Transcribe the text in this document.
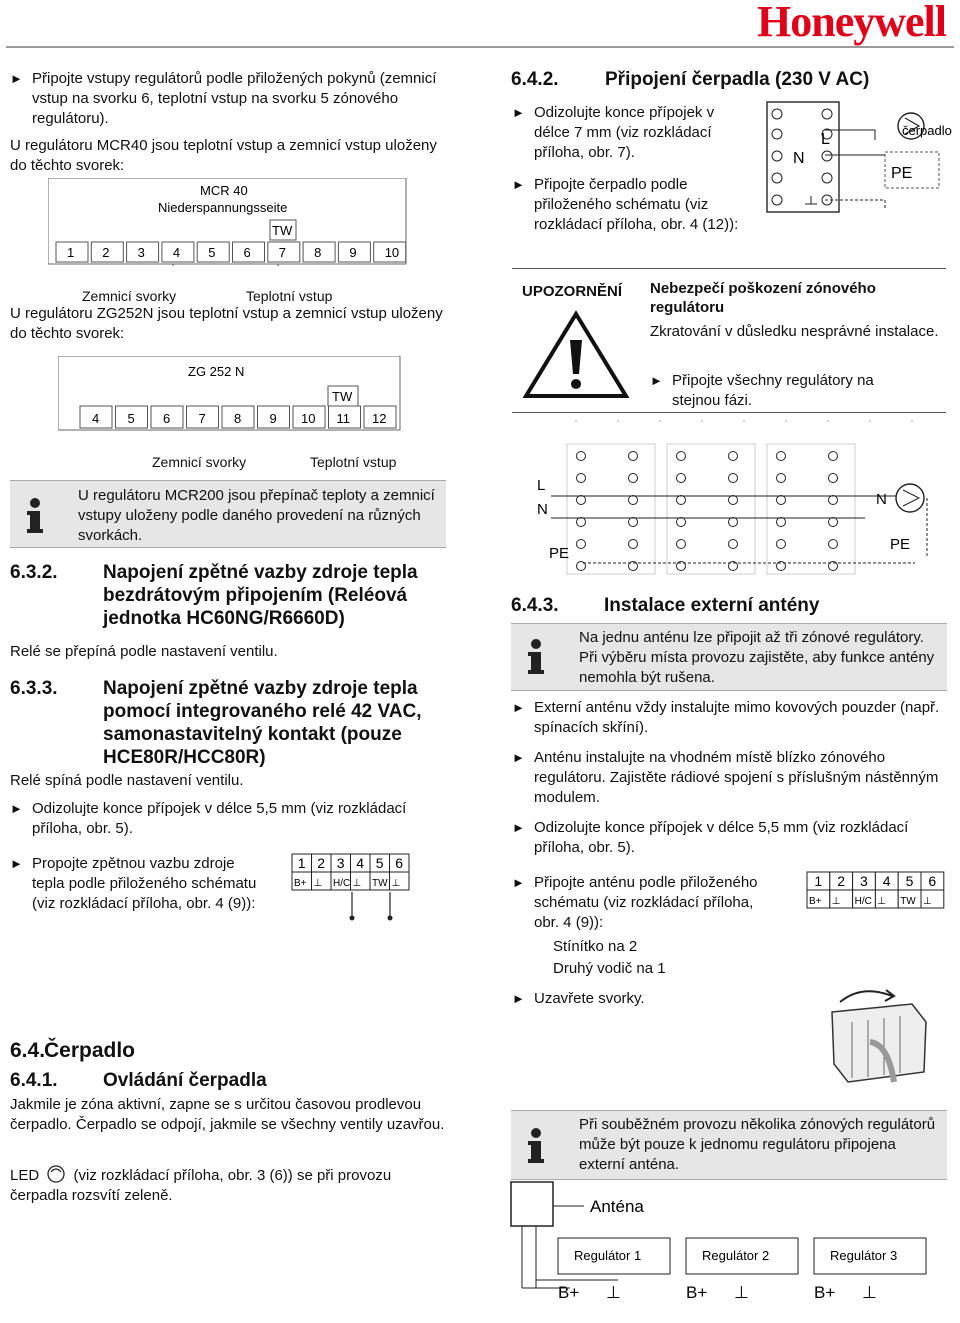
Honeywell
► Připojte vstupy regulátorů podle přiložených pokynů (zemnicí vstup na svorku 6, teplotní vstup na svorku 5 zónového regulátoru).
U regulátoru MCR40 jsou teplotní vstup a zemnicí vstup uloženy do těchto svorek:
MCR 40
Niederspannungsseite
TW
1 2 3 4 5 6 7 8 9 10
Zemnicí svorky	Teplotní vstup
U regulátoru ZG252N jsou teplotní vstup a zemnicí vstup uloženy do těchto svorek:
ZG 252 N
TW
4 5 6 7 8 9 10 11 12
Zemnicí svorky	Teplotní vstup
U regulátoru MCR200 jsou přepínač teploty a zemnicí vstupy uloženy podle daného provedení na různých svorkách.
6.3.2. Napojení zpětné vazby zdroje tepla bezdrátovým připojením (Reléová jednotka HC60NG/R6660D)
Relé se přepíná podle nastavení ventilu.
6.3.3. Napojení zpětné vazby zdroje tepla pomocí integrovaného relé 42 VAC, samonastavitelný kontakt (pouze HCE80R/HCC80R)
Relé spíná podle nastavení ventilu.
► Odizolujte konce přípojek v délce 5,5 mm (viz rozkládací příloha, obr. 5).
► Propojte zpětnou vazbu zdroje tepla podle přiloženého schématu (viz rozkládací příloha, obr. 4 (9)):
1
B+
2
⊥
3
H/C
4
⊥
5
TW
6
⊥
6.4.
Čerpadlo
6.4.1. Ovládání čerpadla
Jakmile je zóna aktivní, zapne se s určitou časovou prodlevou čerpadlo. Čerpadlo se odpojí, jakmile se všechny ventily uzavřou.
LED (viz rozkládací příloha, obr. 3 (6)) se při provozu čerpadla rozsvítí zeleně.
6.4.2. Připojení čerpadla (230 V AC)
► Odizolujte konce přípojek v délce 7 mm (viz rozkládací příloha, obr. 7).
► Připojte čerpadlo podle přiloženého schématu (viz rozkládací příloha, obr. 4 (12)):
L
N
PE
čerpadlo
UPOZORNĚNÍ Nebezpečí poškození zónového regulátoru
Zkratování v důsledku nesprávné instalace.
► Připojte všechny regulátory na stejnou fázi.
L
N
PE
N
PE
6.4.3. Instalace externí antény
Na jednu anténu lze připojit až tři zónové regulátory. Při výběru místa provozu zajistěte, aby funkce antény nemohla být rušena.
► Externí anténu vždy instalujte mimo kovových pouzder (např. spínacích skříní).
► Anténu instalujte na vhodném místě blízko zónového regulátoru. Zajistěte rádiové spojení s příslušným nástěnným modulem.
► Odizolujte konce přípojek v délce 5,5 mm (viz rozkládací příloha, obr. 5).
► Připojte anténu podle přiloženého schématu (viz rozkládací příloha, obr. 4 (9)):
Stínítko na 2
Druhý vodič na 1
► Uzavřete svorky.
1
B+
2
⊥
3
H/C
4
⊥
5
TW
6
⊥
Při souběžném provozu několika zónových regulátorů může být pouze k jednomu regulátoru připojena externí anténa.
Anténa
Regulátor 1
B+ ⊥
Regulátor 2
B+ ⊥
Regulátor 3
B+ ⊥
